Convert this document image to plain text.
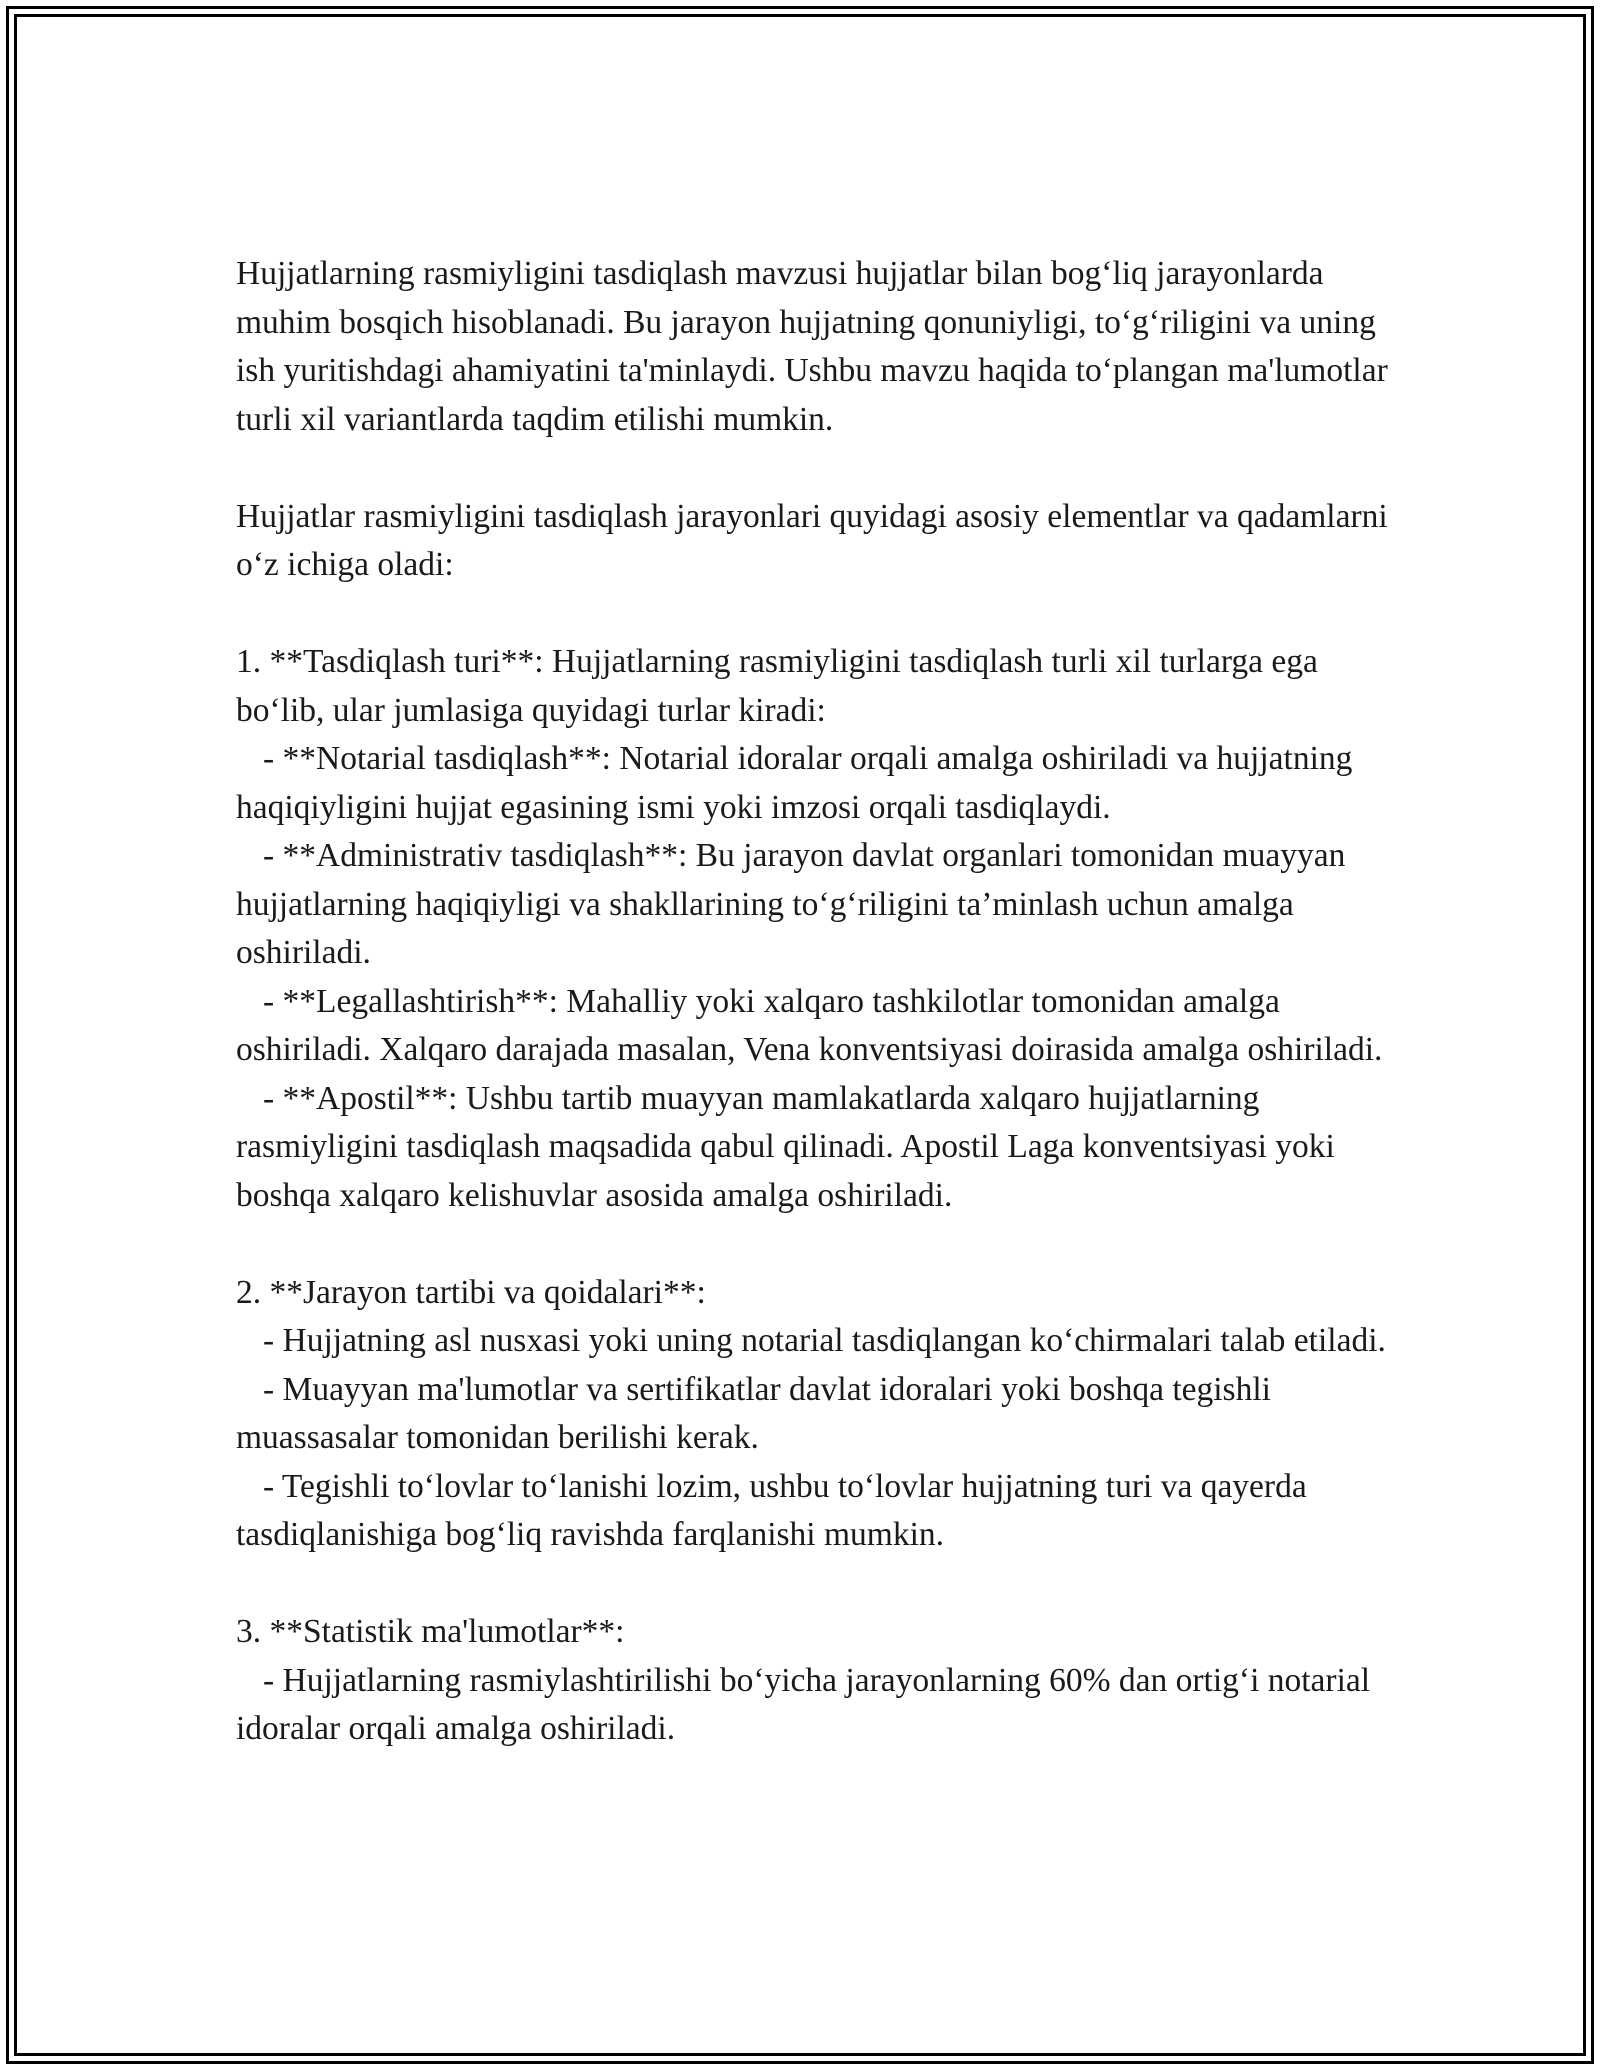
Hujjatlarning rasmiyligini tasdiqlash mavzusi hujjatlar bilan bog‘liq jarayonlarda muhim bosqich hisoblanadi. Bu jarayon hujjatning qonuniyligi, to‘g‘riligini va uning ish yuritishdagi ahamiyatini ta'minlaydi. Ushbu mavzu haqida to‘plangan ma'lumotlar turli xil variantlarda taqdim etilishi mumkin.

Hujjatlar rasmiyligini tasdiqlash jarayonlari quyidagi asosiy elementlar va qadamlarni o‘z ichiga oladi:

1. **Tasdiqlash turi**: Hujjatlarning rasmiyligini tasdiqlash turli xil turlarga ega bo‘lib, ular jumlasiga quyidagi turlar kiradi:

- **Notarial tasdiqlash**: Notarial idoralar orqali amalga oshiriladi va hujjatning haqiqiyligini hujjat egasining ismi yoki imzosi orqali tasdiqlaydi.

- **Administrativ tasdiqlash**: Bu jarayon davlat organlari tomonidan muayyan hujjatlarning haqiqiyligi va shakllarining to‘g‘riligini ta’minlash uchun amalga oshiriladi.

- **Legallashtirish**: Mahalliy yoki xalqaro tashkilotlar tomonidan amalga oshiriladi. Xalqaro darajada masalan, Vena konventsiyasi doirasida amalga oshiriladi.

- **Apostil**: Ushbu tartib muayyan mamlakatlarda xalqaro hujjatlarning rasmiyligini tasdiqlash maqsadida qabul qilinadi. Apostil Laga konventsiyasi yoki boshqa xalqaro kelishuvlar asosida amalga oshiriladi.

2. **Jarayon tartibi va qoidalari**:

- Hujjatning asl nusxasi yoki uning notarial tasdiqlangan ko‘chirmalari talab etiladi.

- Muayyan ma'lumotlar va sertifikatlar davlat idoralari yoki boshqa tegishli muassasalar tomonidan berilishi kerak.

- Tegishli to‘lovlar to‘lanishi lozim, ushbu to‘lovlar hujjatning turi va qayerda tasdiqlanishiga bog‘liq ravishda farqlanishi mumkin.

3. **Statistik ma'lumotlar**:

- Hujjatlarning rasmiylashtirilishi bo‘yicha jarayonlarning 60% dan ortig‘i notarial idoralar orqali amalga oshiriladi.
